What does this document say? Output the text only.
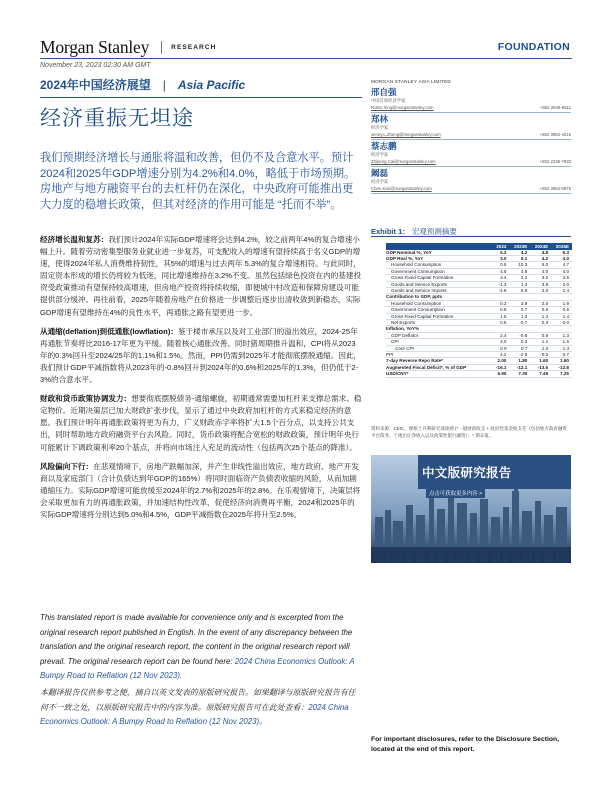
Morgan Stanley	RESEARCH	FOUNDATION
November 23, 2023 02:30 AM GMT
2024年中国经济展望 | Asia Pacific
经济重振无坦途

我们预期经济增长与通胀将温和改善，但仍不及合意水平。预计2024和2025年GDP增速分别为4.2%和4.0%，略低于市场预期。房地产与地方融资平台的去杠杆仍在深化，中央政府可能推出更大力度的稳增长政策，但其对经济的作用可能是 “托而不举”。

经济增长温和复苏：我们预计2024年实际GDP增速将会达到4.2%，较之前两年4%的复合增速小幅上升。随着劳动密集型服务业就业进一步复苏，可支配收入的增速有望持续高于名义GDP的增速，使得2024年私人消费维持韧性，其5%的增速与过去两年 5.3%的复合增速相符。与此同时，固定资本形成的增长仍将较为低迷，同比增速维持在3.2%不变。虽然包括绿色投资在内的基建投资受政策推动有望保持较高增速，但房地产投资将持续收缩，即便城中村改造和保障房建设可能提供部分缓冲。再往前看，2025年随着房地产在价格进一步调整后逐步出清收敛到新稳态，实际GDP增速有望维持在4%的良性水平，再通胀之路有望更进一步。

从通缩(deflation)到低通胀(lowflation)：鉴于楼市承压以及对工业部门的溢出效应，2024-25年再通胀节奏将比2016-17年更为平缓。随着核心通胀改善、同时猪周期推升温和，CPI将从2023年的0.3%回升至2024/25年的1.1%和1.5%。然而，PPI仍需到2025年才能彻底摆脱通缩。因此，我们预计GDP平减指数将从2023年的-0.8%回升到2024年的0.6%和2025年的1.3%，但仍低于2-3%的合意水平。

财政和货币政策协调发力：想要彻底摆脱债务-通缩螺旋，初期通常需要加杠杆来支撑总需求、稳定物价。近期决策层已加大财政扩张步伐，显示了通过中央政府加杠杆的方式来稳定经济的意愿。我们预计明年再通胀政策将更为有力，广义财政赤字率将扩大1.5个百分点，以支持公共支出，同时帮助地方政府融资平台去风险。同时，货币政策将配合宽松的财政政策，预计明年央行可能累计下调政策利率20个基点，并将向市场注入充足的流动性（包括两次25个基点的降准）。

风险偏向下行：在悲观情境下，房地产跌幅加深，并产生非线性溢出效应，地方政府、地产开发商以及家庭部门（合计负债达到年GDP的165%）将同时面临资产负债表收缩的风险，从而加剧通缩压力。实际GDP增速可能放缓至2024年的2.7%和2025年的2.8%。在乐观情境下，决策层将会采取更加有力的再通胀政策，并加速结构性改革，促使经济向消费再平衡，2024和2025年的实际GDP增速将分别达到5.0%和4.5%，GDP平减指数在2025年将升至2.5%。

This translated report is made available for convenience only and is excerpted from the original research report published in English. In the event of any discrepancy between the translation and the original research report, the content in the original research report will prevail. The original research report can be found here: 2024 China Economics Outlook: A Bumpy Road to Reflation (12 Nov 2023).

本翻译报告仅供参考之便，摘自以英文发表的原版研究报告。如果翻译与原版研究报告有任何不一致之处，以原版研究报告中的内容为准。原版研究报告可在此处查看：2024 China Economics Outlook: A Bumpy Road to Reflation (12 Nov 2023)。

MORGAN STANLEY ASIA LIMITED
邢自强
中国首席经济学家
Robin.Xing@morganstanley.com	+852 2848-6511
郑林
经济学家
Jenny.L.Zheng@morganstanley.com	+852 3963-4015
蔡志鹏
经济学家
Zhipeng.Cai@morganstanley.com	+852 2239-7820
阚磊
经济学家
Chen.Kan@morganstanley.com	+852 3963-0975
Exhibit 1： 宏观预测摘要
	2022	2023E	2024E	2025E
GDP Nominal %, YoY	5.3	4.2	4.8	5.3
GDP Real %, YoY	3.0	5.1	4.2	4.0
Household Consumption	0.5	10.3	5.0	4.7
Government Consumption	4.8	4.5	4.0	4.0
Gross Fixed Capital Formation	3.4	3.2	3.2	3.5
Goods and Service Exports	-1.3	1.3	3.8	2.0
Goods and Service Imports	-4.6	5.8	3.0	2.4
Contribution to GDP, ppts				
Household Consumption	0.2	3.9	2.0	1.9
Government Consumption	0.8	0.7	0.6	0.6
Gross Fixed Capital Formation	1.5	1.2	1.3	1.4
Net Exports	0.5	-0.7	0.3	0.0
Inflation, YoY%				
GDP Deflator	2.4	-0.8	0.6	1.3
CPI	2.0	0.3	1.1	1.5
Core CPI	0.9	0.7	1.0	1.3
PPI	4.2	-2.9	-0.3	0.7
7-day Reverse Repo Rate*	2.00	1.80	1.60	1.60
Augmented Fiscal Deficit*, % of GDP	-16.1	-12.1	-13.6	-12.8
USD/CNY*	6.90	7.30	7.45	7.25
资料来源：CEIC、摩根士丹利研究部预测 (*一般财政收支 + 政府性基金收支差（包括地方政府融资平台债务，土地出让净收入以及政策性银行融资）；* 期末值。
中文版研究报告
点击可获取更多内容 >
For important disclosures, refer to the Disclosure Section, located at the end of this report.
